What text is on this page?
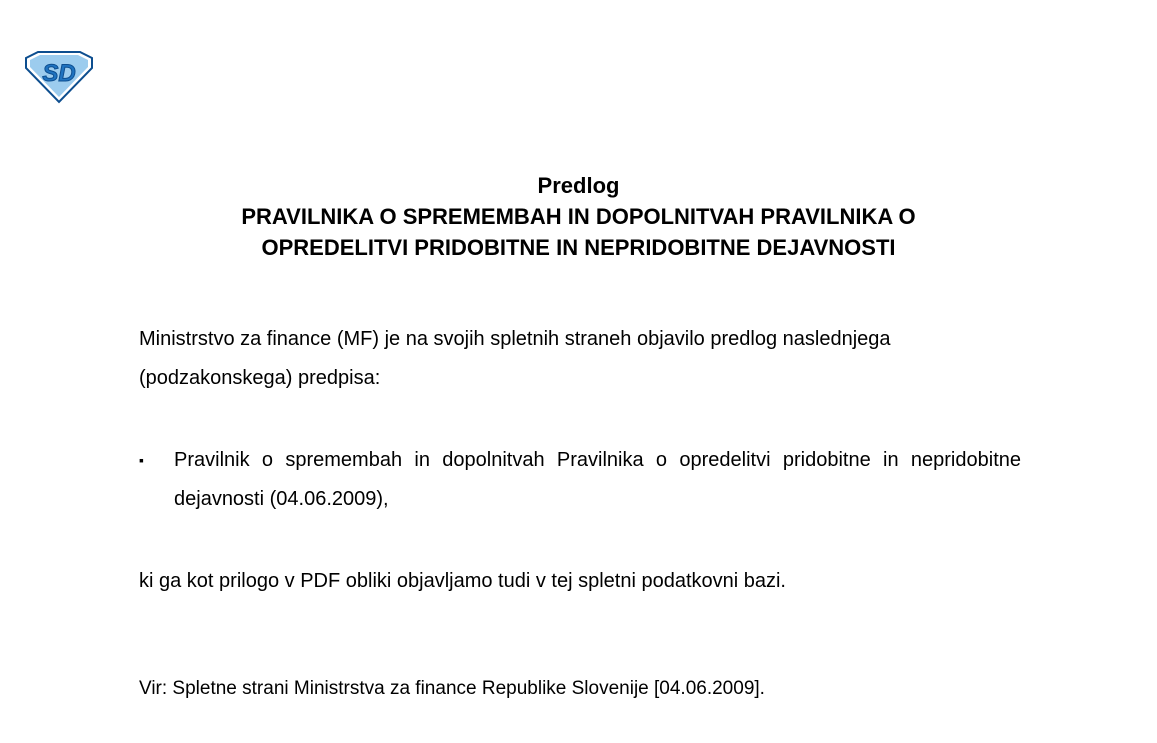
SD
Predlog
PRAVILNIKA O SPREMEMBAH IN DOPOLNITVAH PRAVILNIKA O
OPREDELITVI PRIDOBITNE IN NEPRIDOBITNE DEJAVNOSTI

Ministrstvo za finance (MF) je na svojih spletnih straneh objavilo predlog naslednjega (podzakonskega) predpisa:

▪	Pravilnik o spremembah in dopolnitvah Pravilnika o opredelitvi pridobitne in nepridobitne dejavnosti (04.06.2009),

ki ga kot prilogo v PDF obliki objavljamo tudi v tej spletni podatkovni bazi.

Vir: Spletne strani Ministrstva za finance Republike Slovenije [04.06.2009].
